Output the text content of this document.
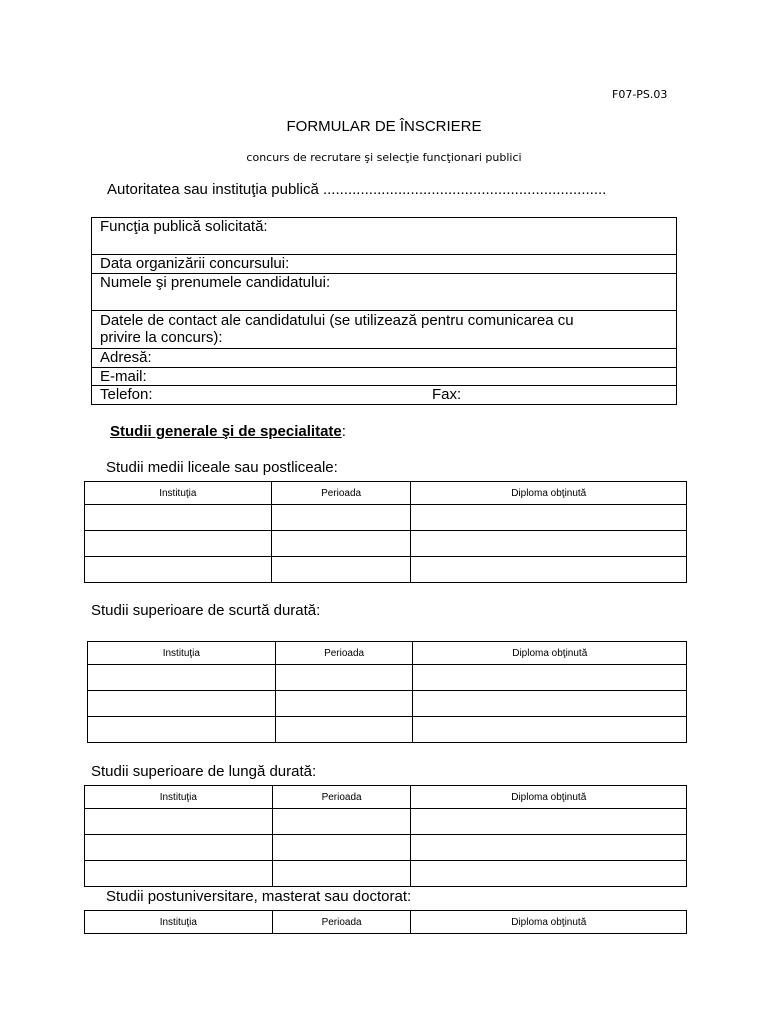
F07-PS.03
FORMULAR DE ÎNSCRIERE
concurs de recrutare şi selecţie funcţionari publici
Autoritatea sau instituţia publică ....................................................................
Funcţia publică solicitată:
Data organizării concursului:
Numele şi prenumele candidatului:
Datele de contact ale candidatului (se utilizează pentru comunicarea cu
privire la concurs):
Adresă:
E-mail:
Telefon:	Fax:
Studii generale şi de specialitate:
Studii medii liceale sau postliceale:
Instituţia	Perioada	Diploma obţinută

Studii superioare de scurtă durată:
Instituţia	Perioada	Diploma obţinută

Studii superioare de lungă durată:
Instituţia	Perioada	Diploma obţinută

Studii postuniversitare, masterat sau doctorat:
Instituţia	Perioada	Diploma obţinută
